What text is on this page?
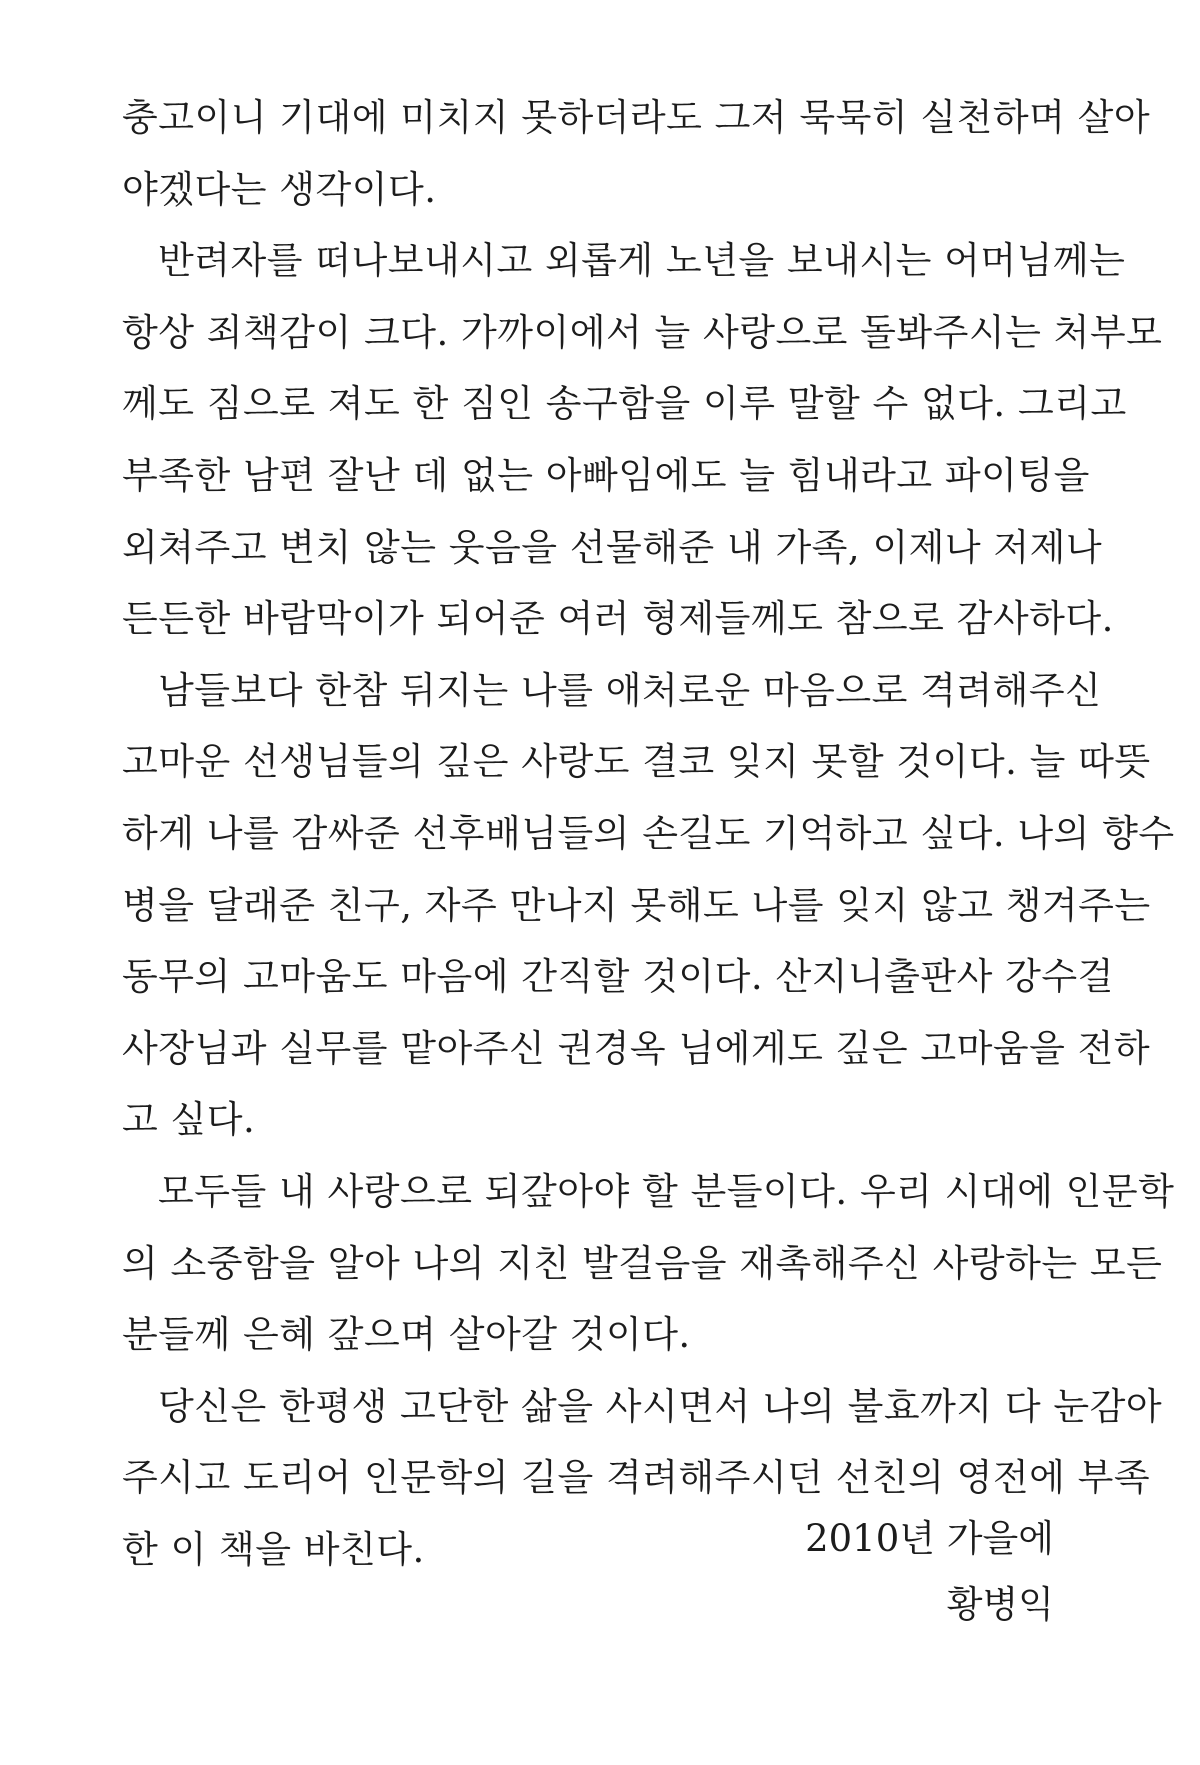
충고이니 기대에 미치지 못하더라도 그저 묵묵히 실천하며 살아
야겠다는 생각이다.
반려자를 떠나보내시고 외롭게 노년을 보내시는 어머님께는
항상 죄책감이 크다. 가까이에서 늘 사랑으로 돌봐주시는 처부모
께도 짐으로 져도 한 짐인 송구함을 이루 말할 수 없다. 그리고
부족한 남편 잘난 데 없는 아빠임에도 늘 힘내라고 파이팅을
외쳐주고 변치 않는 웃음을 선물해준 내 가족, 이제나 저제나
든든한 바람막이가 되어준 여러 형제들께도 참으로 감사하다.
남들보다 한참 뒤지는 나를 애처로운 마음으로 격려해주신
고마운 선생님들의 깊은 사랑도 결코 잊지 못할 것이다. 늘 따뜻
하게 나를 감싸준 선후배님들의 손길도 기억하고 싶다. 나의 향수
병을 달래준 친구, 자주 만나지 못해도 나를 잊지 않고 챙겨주는
동무의 고마움도 마음에 간직할 것이다. 산지니출판사 강수걸
사장님과 실무를 맡아주신 권경옥 님에게도 깊은 고마움을 전하
고 싶다.
모두들 내 사랑으로 되갚아야 할 분들이다. 우리 시대에 인문학
의 소중함을 알아 나의 지친 발걸음을 재촉해주신 사랑하는 모든
분들께 은혜 갚으며 살아갈 것이다.
당신은 한평생 고단한 삶을 사시면서 나의 불효까지 다 눈감아
주시고 도리어 인문학의 길을 격려해주시던 선친의 영전에 부족
한 이 책을 바친다.	2010년 가을에
황병익
